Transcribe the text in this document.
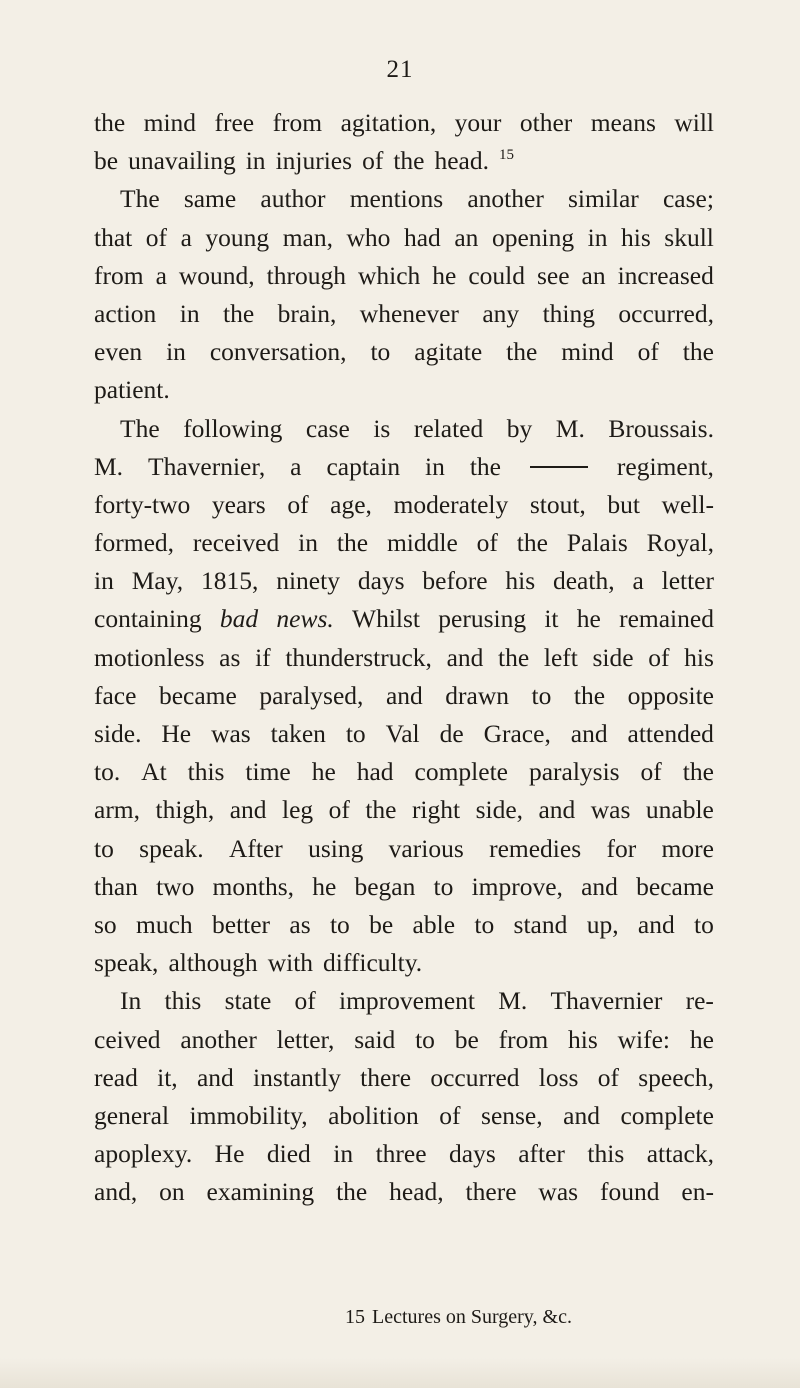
21
the mind free from agitation, your other means will
be unavailing in injuries of the head. $^{15}$
The same author mentions another similar case;
that of a young man, who had an opening in his skull
from a wound, through which he could see an increased
action in the brain, whenever any thing occurred,
even in conversation, to agitate the mind of the
patient.
The following case is related by M. Broussais.
M. Thavernier, a captain in the	regiment,
forty-two years of age, moderately stout, but well-
formed, received in the middle of the Palais Royal,
in May, 1815, ninety days before his death, a letter
containing bad news. Whilst perusing it he remained
motionless as if thunderstruck, and the left side of his
face became paralysed, and drawn to the opposite
side. He was taken to Val de Grace, and attended
to. At this time he had complete paralysis of the
arm, thigh, and leg of the right side, and was unable
to speak. After using various remedies for more
than two months, he began to improve, and became
so much better as to be able to stand up, and to
speak, although with difficulty.
In this state of improvement M. Thavernier re-
ceived another letter, said to be from his wife: he
read it, and instantly there occurred loss of speech,
general immobility, abolition of sense, and complete
apoplexy. He died in three days after this attack,
and, on examining the head, there was found en-
15 Lectures on Surgery, &c.
